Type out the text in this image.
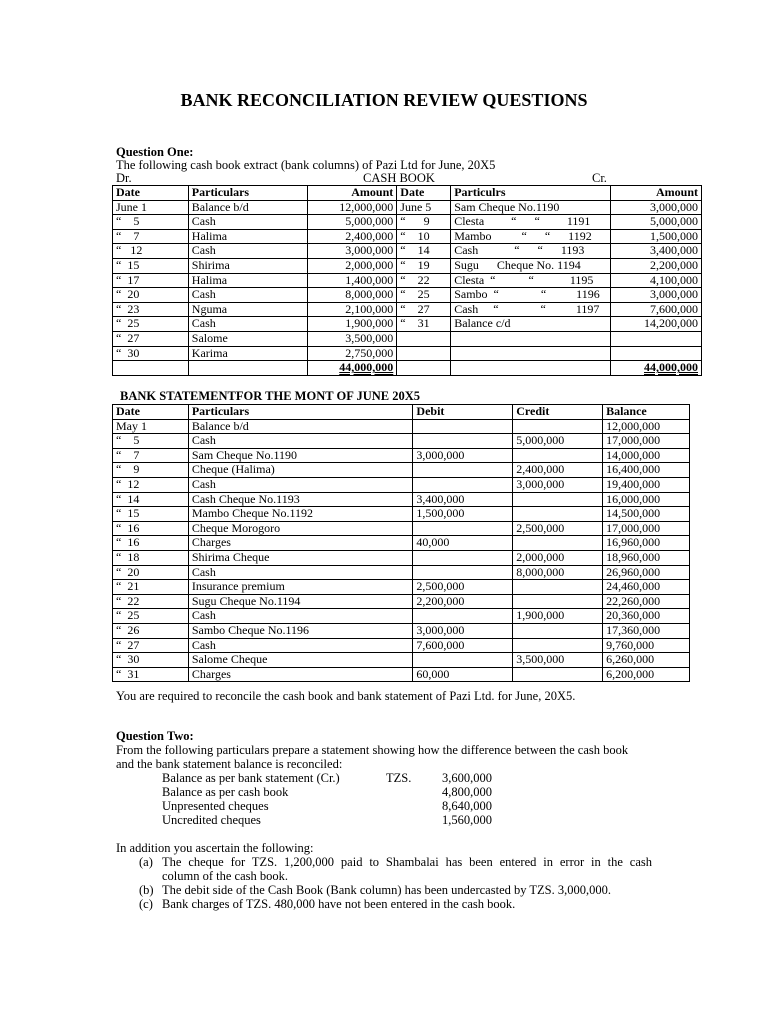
BANK RECONCILIATION REVIEW QUESTIONS
Question One:
The following cash book extract (bank columns) of Pazi Ltd for June, 20X5
Dr.	CASH BOOK	Cr.
Date	Particulars	Amount	Date	Particulrs	Amount
June 1	Balance b/d	12,000,000	June 5	Sam Cheque No.1190	3,000,000
“    5	Cash	5,000,000	“      9	Clesta         “      “         1191	5,000,000
“    7	Halima	2,400,000	“    10	Mambo          “      “      1192	1,500,000
“   12	Cash	3,000,000	“    14	Cash            “      “      1193	3,400,000
“  15	Shirima	2,000,000	“    19	Sugu      Cheque No. 1194	2,200,000
“  17	Halima	1,400,000	“    22	Clesta  “           “            1195	4,100,000
“  20	Cash	8,000,000	“    25	Sambo  “              “          1196	3,000,000
“  23	Nguma	2,100,000	“    27	Cash     “              “          1197	7,600,000
“  25	Cash	1,900,000	“    31	Balance c/d	14,200,000
“  27	Salome	3,500,000			
“  30	Karima	2,750,000			
		44,000,000			44,000,000
BANK STATEMENTFOR THE MONT OF JUNE 20X5
Date	Particulars	Debit	Credit	Balance
May 1	Balance b/d			12,000,000
“    5	Cash		5,000,000	17,000,000
“    7	Sam Cheque No.1190	3,000,000		14,000,000
“    9	Cheque (Halima)		2,400,000	16,400,000
“  12	Cash		3,000,000	19,400,000
“  14	Cash Cheque No.1193	3,400,000		16,000,000
“  15	Mambo Cheque No.1192	1,500,000		14,500,000
“  16	Cheque Morogoro		2,500,000	17,000,000
“  16	Charges	40,000		16,960,000
“  18	Shirima Cheque		2,000,000	18,960,000
“  20	Cash		8,000,000	26,960,000
“  21	Insurance premium	2,500,000		24,460,000
“  22	Sugu Cheque No.1194	2,200,000		22,260,000
“  25	Cash		1,900,000	20,360,000
“  26	Sambo Cheque No.1196	3,000,000		17,360,000
“  27	Cash	7,600,000		9,760,000
“  30	Salome Cheque		3,500,000	6,260,000
“  31	Charges	60,000		6,200,000
You are required to reconcile the cash book and bank statement of Pazi Ltd. for June, 20X5.
Question Two:
From the following particulars prepare a statement showing how the difference between the cash book
and the bank statement balance is reconciled:
Balance as per bank statement (Cr.)	TZS. 3,600,000
Balance as per cash book	4,800,000
Unpresented cheques	8,640,000
Uncredited cheques	1,560,000
In addition you ascertain the following:
(a) The cheque for TZS. 1,200,000 paid to Shambalai has been entered in error in the cash
column of the cash book.
(b) The debit side of the Cash Book (Bank column) has been undercasted by TZS. 3,000,000.
(c) Bank charges of TZS. 480,000 have not been entered in the cash book.
